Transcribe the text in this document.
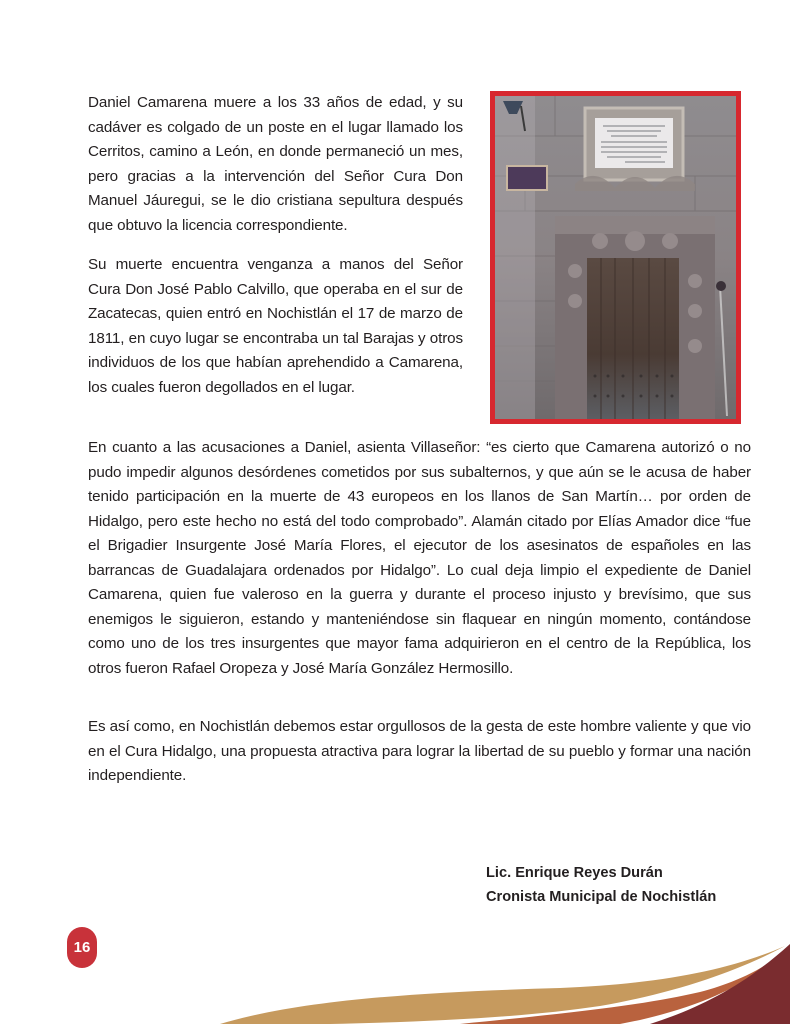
Daniel Camarena muere a los 33 años de edad, y su cadáver es colgado de un poste en el lugar llamado los Cerritos, camino a León, en donde permaneció un mes, pero gracias a la intervención del Señor Cura Don Manuel Jáuregui, se le dio cristiana sepultura después que obtuvo la licencia correspondiente.

Su muerte encuentra venganza a manos del Señor Cura Don José Pablo Calvillo, que operaba en el sur de Zacatecas, quien entró en Nochistlán el 17 de marzo de 1811, en cuyo lugar se encontraba un tal Barajas y otros individuos de los que habían aprehendido a Camarena, los cuales fueron degollados en el lugar.

En cuanto a las acusaciones a Daniel, asienta Villaseñor: “es cierto que Camarena autorizó o no pudo impedir algunos desórdenes cometidos por sus subalternos, y que aún se le acusa de haber tenido participación en la muerte de 43 europeos en los llanos de San Martín… por orden de Hidalgo, pero este hecho no está del todo comprobado”. Alamán citado por Elías Amador dice “fue el Brigadier Insurgente José María Flores, el ejecutor de los asesinatos de españoles en las barrancas de Guadalajara ordenados por Hidalgo”. Lo cual deja limpio el expediente de Daniel Camarena, quien fue valeroso en la guerra y durante el proceso injusto y brevísimo, que sus enemigos le siguieron, estando y manteniéndose sin flaquear en ningún momento, contándose como uno de los tres insurgentes que mayor fama adquirieron en el centro de la República, los otros fueron Rafael Oropeza y José María González Hermosillo.

Es así como, en Nochistlán debemos estar orgullosos de la gesta de este hombre valiente y que vio en el Cura Hidalgo, una propuesta atractiva para lograr la libertad de su pueblo y formar una nación independiente.

Lic. Enrique Reyes Durán
Cronista Municipal de Nochistlán
16
